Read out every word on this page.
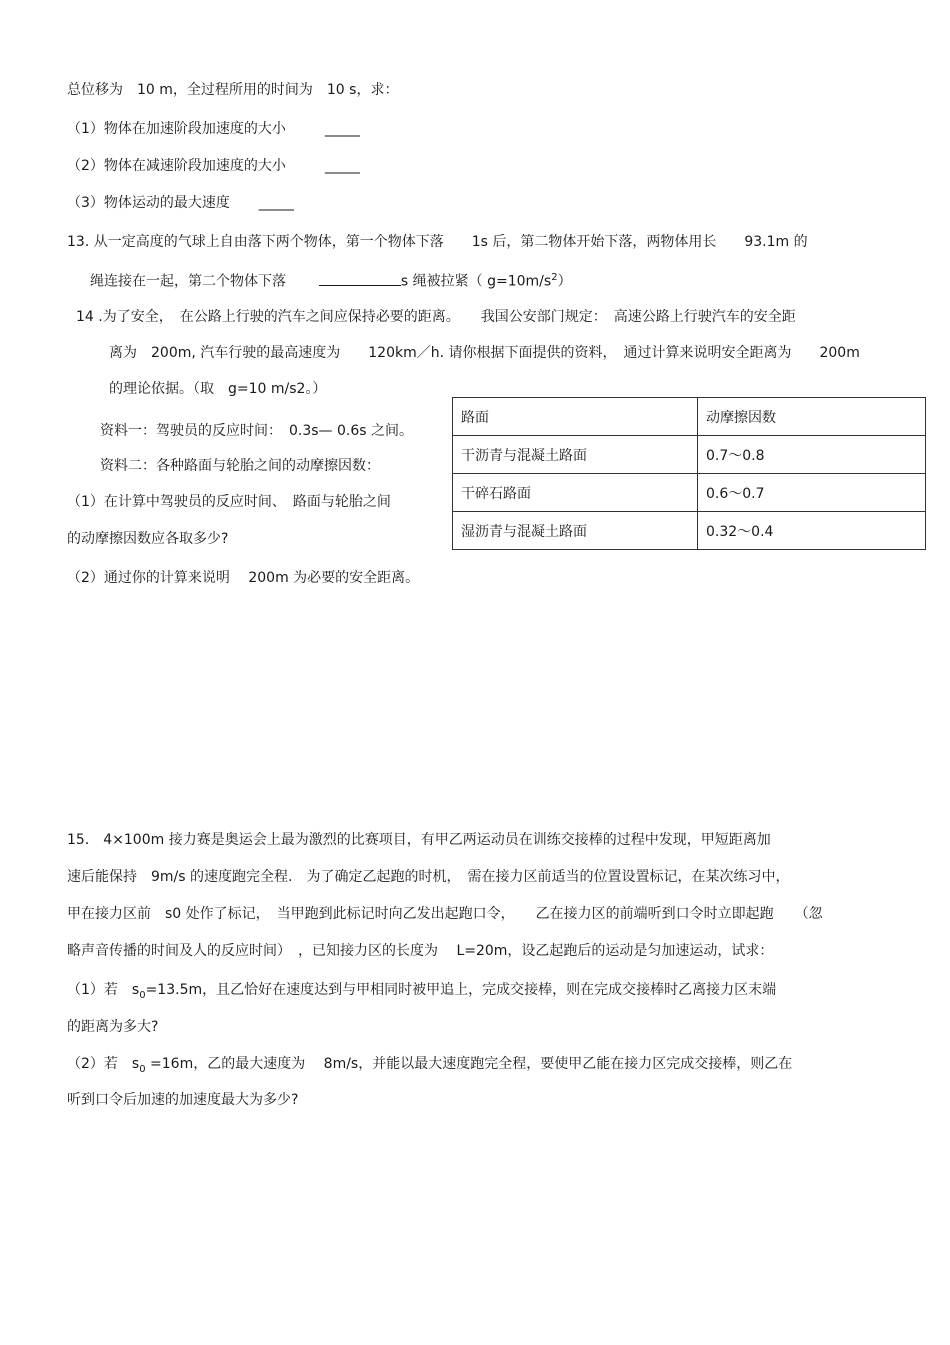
总位移为　10 m，全过程所用的时间为　10 s，求：
（1）物体在加速阶段加速度的大小	_____
（2）物体在减速阶段加速度的大小	_____
（3）物体运动的最大速度 _____
13. 从一定高度的气球上自由落下两个物体，第一个物体下落　　1s 后，第二物体开始下落，两物体用长　　93.1m 的
绳连接在一起，第二个物体下落	s 绳被拉紧（ $g=10m/s^2$）
14 .为了安全，　在公路上行驶的汽车之间应保持必要的距离。　　我国公安部门规定：　高速公路上行驶汽车的安全距
离为　200m, 汽车行驶的最高速度为　　120km／h. 请你根据下面提供的资料，　通过计算来说明安全距离为　　200m
的理论依据。（取　g=10 m/s2。）
资料一：驾驶员的反应时间：　0.3s— 0.6s 之间。
资料二：各种路面与轮胎之间的动摩擦因数：
（1）在计算中驾驶员的反应时间、　路面与轮胎之间
的动摩擦因数应各取多少?
（2）通过你的计算来说明　 200m 为必要的安全距离。
路面	动摩擦因数
干沥青与混凝土路面	0.7～0.8
干碎石路面	0.6～0.7
湿沥青与混凝土路面	0.32～0.4
15． 4×100m 接力赛是奥运会上最为激烈的比赛项目，有甲乙两运动员在训练交接棒的过程中发现，甲短距离加
速后能保持　9m/s 的速度跑完全程.　为了确定乙起跑的时机，　需在接力区前适当的位置设置标记，在某次练习中，
甲在接力区前　s0 处作了标记，　当甲跑到此标记时向乙发出起跑口令，　　乙在接力区的前端听到口令时立即起跑　　（忽
略声音传播的时间及人的反应时间）　，已知接力区的长度为　 L=20m，设乙起跑后的运动是匀加速运动，试求：
（1）若　$s_0=13.5m$，且乙恰好在速度达到与甲相同时被甲追上，完成交接棒，则在完成交接棒时乙离接力区末端
的距离为多大?
（2）若　$s_0 =16m$，乙的最大速度为　 8m/s，并能以最大速度跑完全程，要使甲乙能在接力区完成交接棒，则乙在
听到口令后加速的加速度最大为多少?
